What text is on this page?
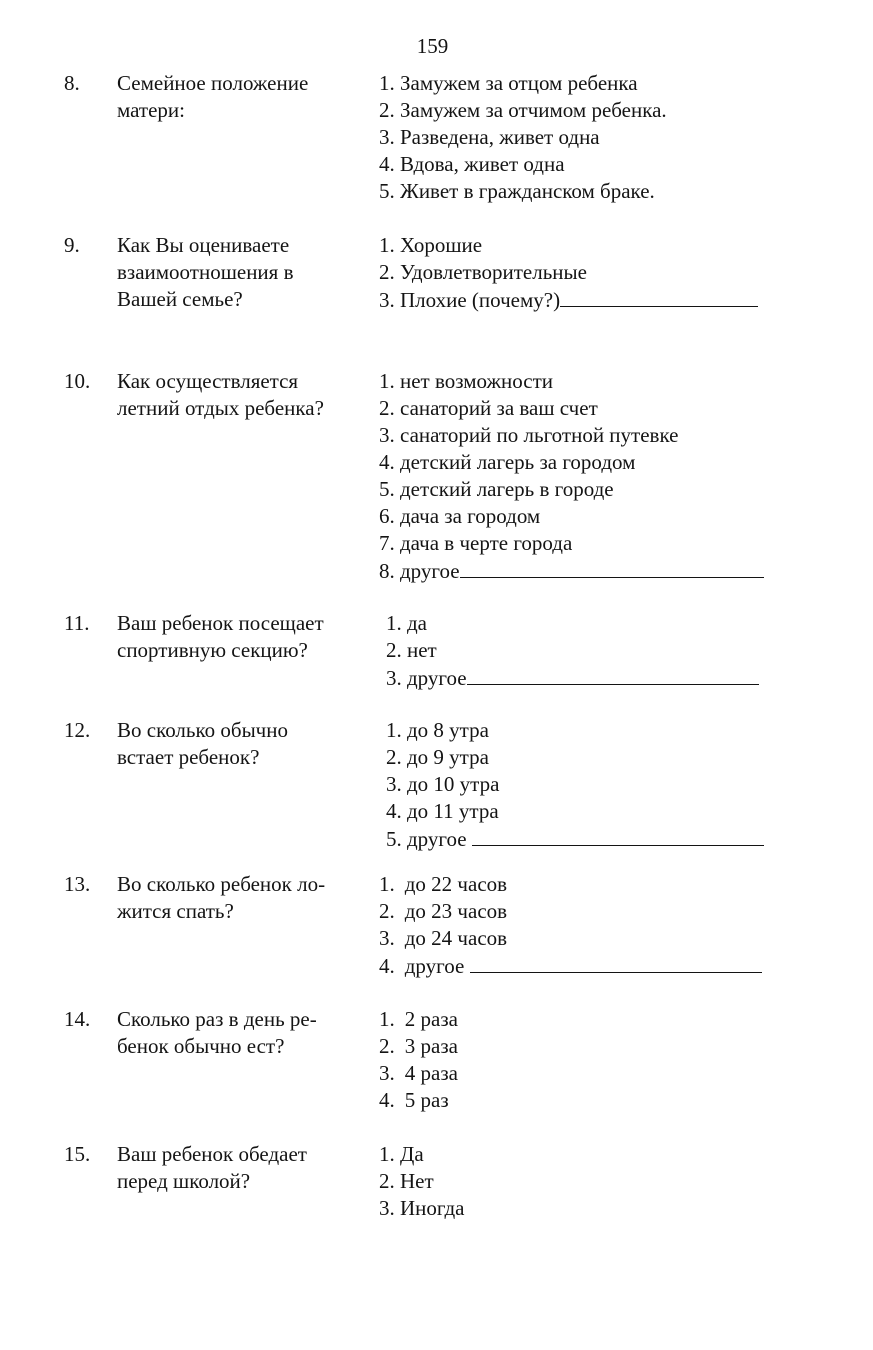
159
8. Семейное положение
матери:
1. Замужем за отцом ребенка
2. Замужем за отчимом ребенка.
3. Разведена, живет одна
4. Вдова, живет одна
5. Живет в гражданском браке.
9. Как Вы оцениваете
взаимоотношения в
Вашей семье?
1. Хорошие
2. Удовлетворительные
3. Плохие (почему?)
10. Как осуществляется
летний отдых ребенка?
1. нет возможности
2. санаторий за ваш счет
3. санаторий по льготной путевке
4. детский лагерь за городом
5. детский лагерь в городе
6. дача за городом
7. дача в черте города
8. другое
11. Ваш ребенок посещает
спортивную секцию?
1. да
2. нет
3. другое
12. Во сколько обычно
встает ребенок?
1. до 8 утра
2. до 9 утра
3. до 10 утра
4. до 11 утра
5. другое
13. Во сколько ребенок ло-
жится спать?
1. до 22 часов
2. до 23 часов
3. до 24 часов
4. другое
14. Сколько раз в день ре-
бенок обычно ест?
1. 2 раза
2. 3 раза
3. 4 раза
4. 5 раз
15. Ваш ребенок обедает
перед школой?
1. Да
2. Нет
3. Иногда
